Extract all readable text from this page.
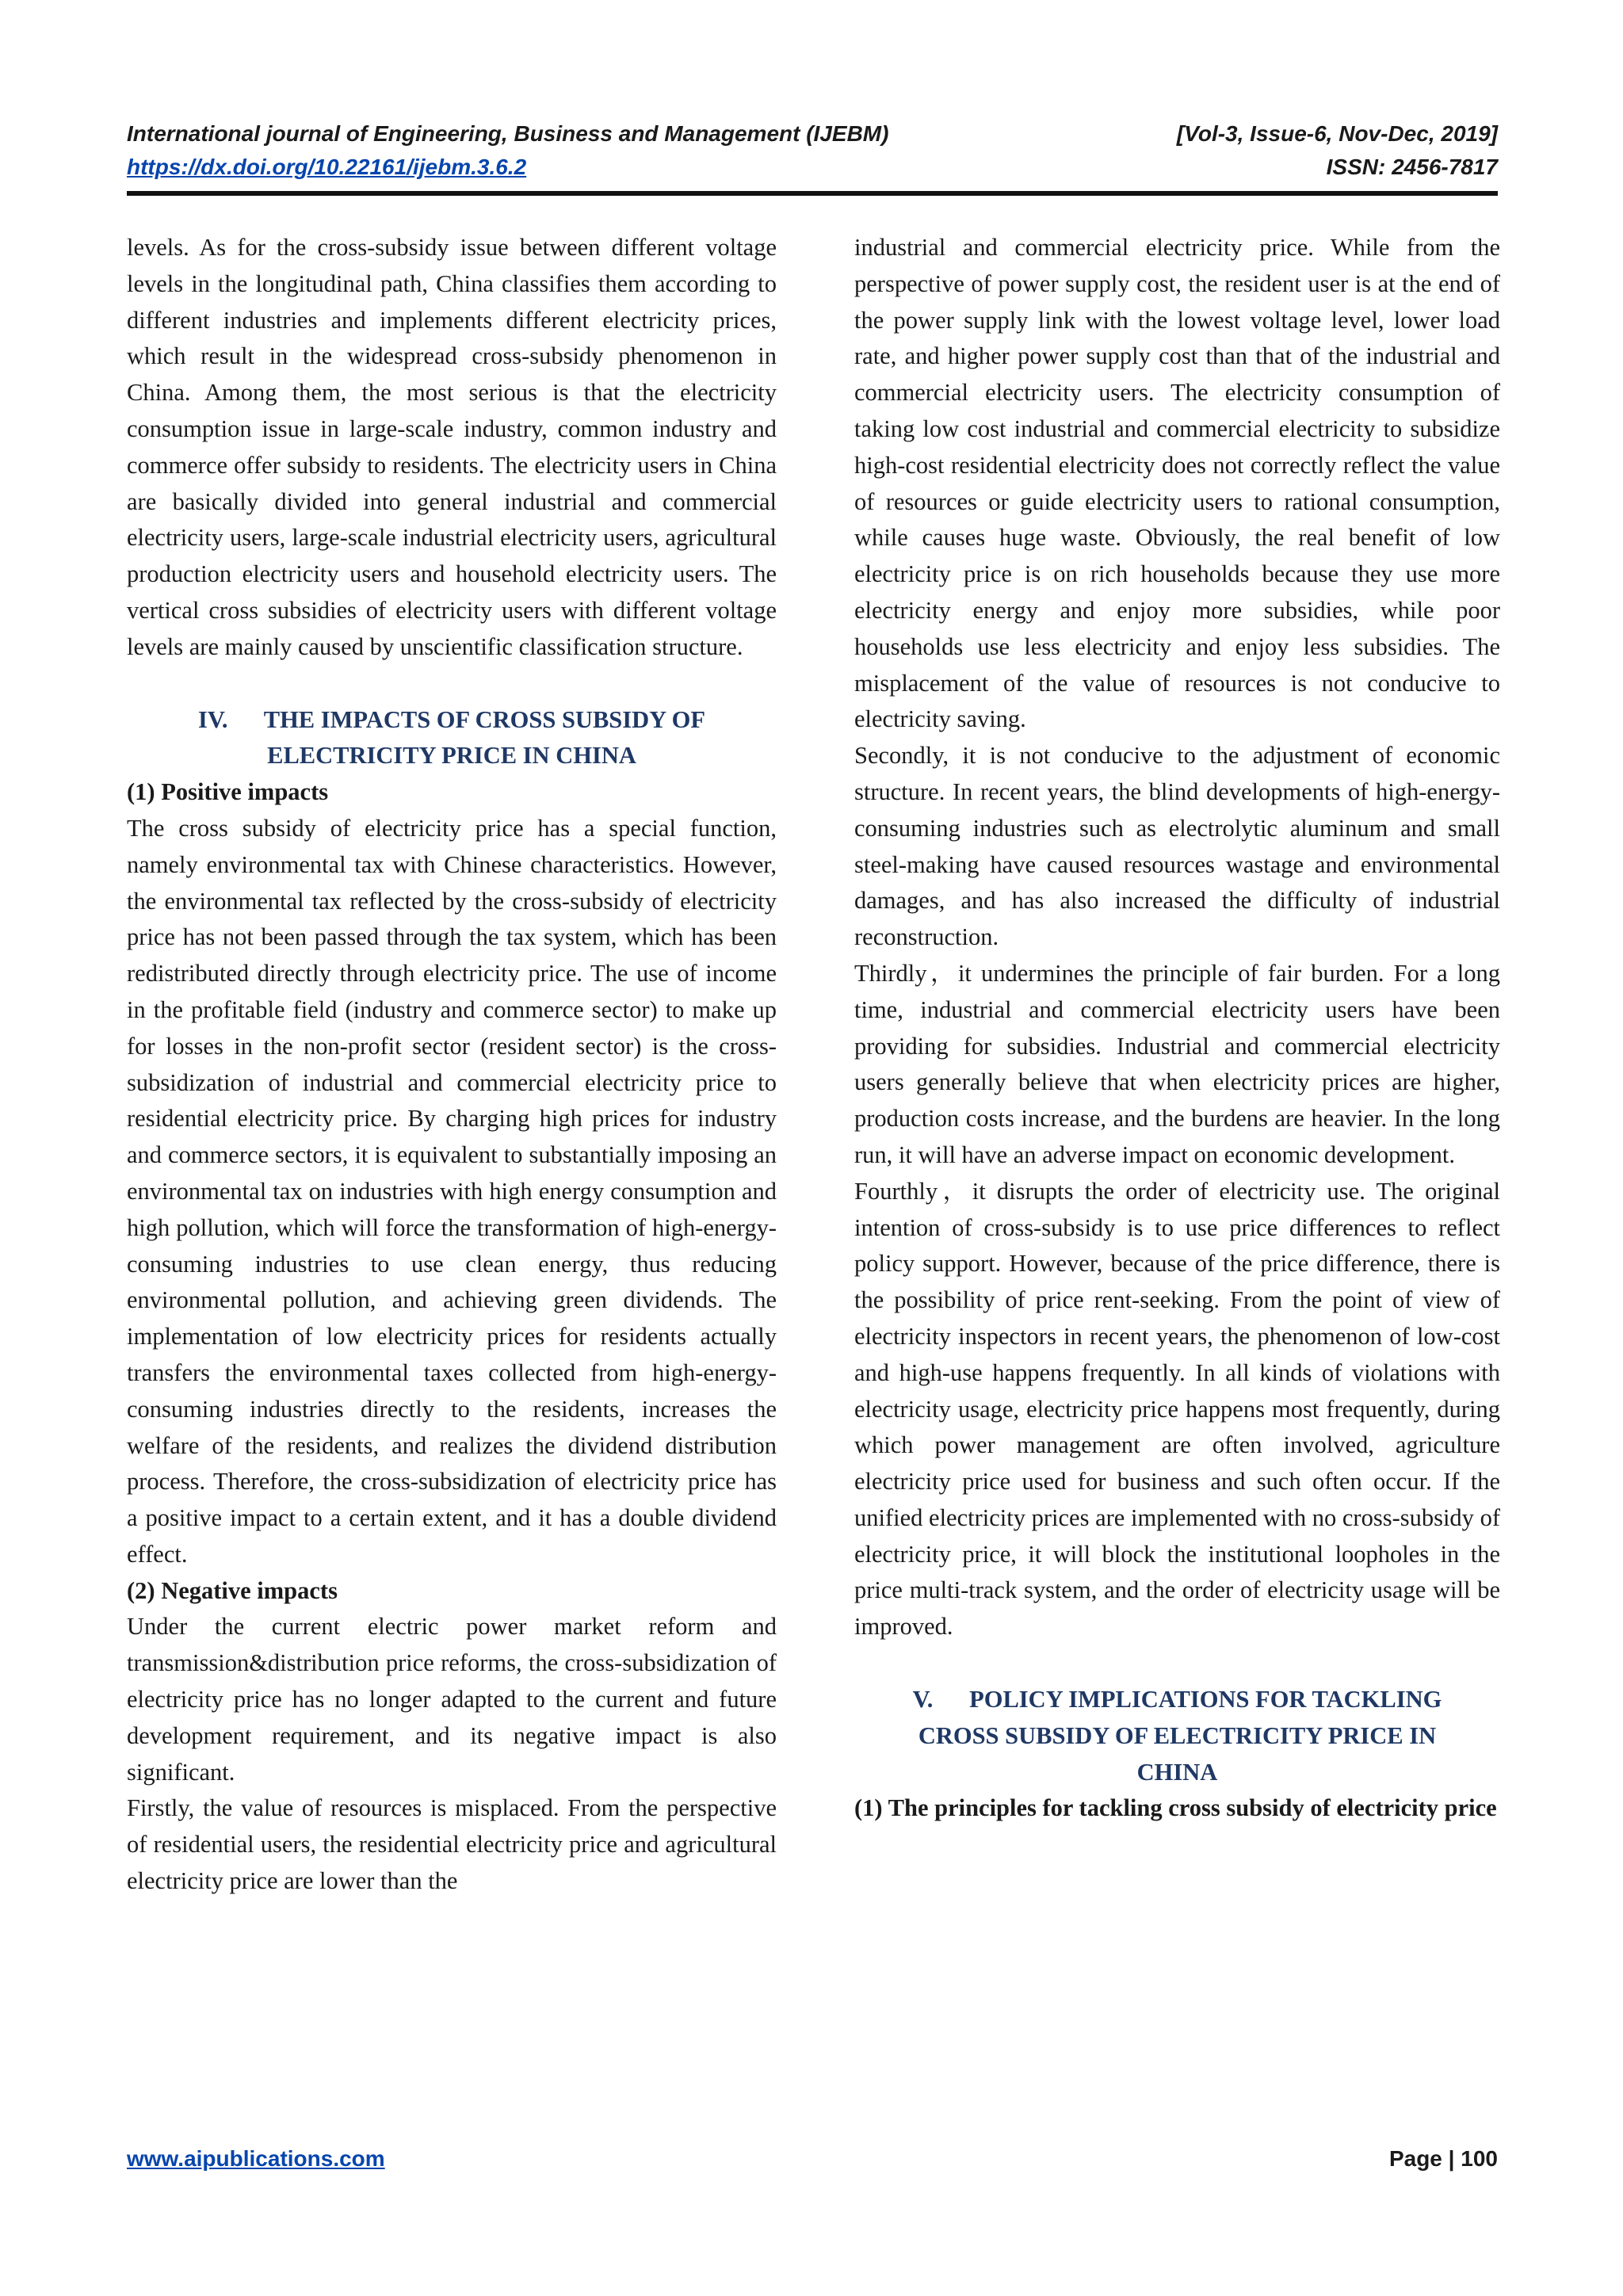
International journal of Engineering, Business and Management (IJEBM)	[Vol-3, Issue-6, Nov-Dec, 2019]
https://dx.doi.org/10.22161/ijebm.3.6.2	ISSN: 2456-7817

levels. As for the cross-subsidy issue between different voltage levels in the longitudinal path, China classifies them according to different industries and implements different electricity prices, which result in the widespread cross-subsidy phenomenon in China. Among them, the most serious is that the electricity consumption issue in large-scale industry, common industry and commerce offer subsidy to residents. The electricity users in China are basically divided into general industrial and commercial electricity users, large-scale industrial electricity users, agricultural production electricity users and household electricity users. The vertical cross subsidies of electricity users with different voltage levels are mainly caused by unscientific classification structure.

IV.      THE IMPACTS OF CROSS SUBSIDY OF
ELECTRICITY PRICE IN CHINA

(1) Positive impacts

The cross subsidy of electricity price has a special function, namely environmental tax with Chinese characteristics. However, the environmental tax reflected by the cross-subsidy of electricity price has not been passed through the tax system, which has been redistributed directly through electricity price. The use of income in the profitable field (industry and commerce sector) to make up for losses in the non-profit sector (resident sector) is the cross-subsidization of industrial and commercial electricity price to residential electricity price. By charging high prices for industry and commerce sectors, it is equivalent to substantially imposing an environmental tax on industries with high energy consumption and high pollution, which will force the transformation of high-energy-consuming industries to use clean energy, thus reducing environmental pollution, and achieving green dividends. The implementation of low electricity prices for residents actually transfers the environmental taxes collected from high-energy-consuming industries directly to the residents, increases the welfare of the residents, and realizes the dividend distribution process. Therefore, the cross-subsidization of electricity price has a positive impact to a certain extent, and it has a double dividend effect.

(2) Negative impacts

Under the current electric power market reform and transmission&distribution price reforms, the cross-subsidization of electricity price has no longer adapted to the current and future development requirement, and its negative impact is also significant.

Firstly, the value of resources is misplaced. From the perspective of residential users, the residential electricity price and agricultural electricity price are lower than the

industrial and commercial electricity price. While from the perspective of power supply cost, the resident user is at the end of the power supply link with the lowest voltage level, lower load rate, and higher power supply cost than that of the industrial and commercial electricity users. The electricity consumption of taking low cost industrial and commercial electricity to subsidize high-cost residential electricity does not correctly reflect the value of resources or guide electricity users to rational consumption, while causes huge waste. Obviously, the real benefit of low electricity price is on rich households because they use more electricity energy and enjoy more subsidies, while poor households use less electricity and enjoy less subsidies. The misplacement of the value of resources is not conducive to electricity saving.

Secondly, it is not conducive to the adjustment of economic structure. In recent years, the blind developments of high-energy-consuming industries such as electrolytic aluminum and small steel-making have caused resources wastage and environmental damages, and has also increased the difficulty of industrial reconstruction.

Thirdly，it undermines the principle of fair burden. For a long time, industrial and commercial electricity users have been providing for subsidies. Industrial and commercial electricity users generally believe that when electricity prices are higher, production costs increase, and the burdens are heavier. In the long run, it will have an adverse impact on economic development.

Fourthly，it disrupts the order of electricity use. The original intention of cross-subsidy is to use price differences to reflect policy support. However, because of the price difference, there is the possibility of price rent-seeking. From the point of view of electricity inspectors in recent years, the phenomenon of low-cost and high-use happens frequently. In all kinds of violations with electricity usage, electricity price happens most frequently, during which power management are often involved, agriculture electricity price used for business and such often occur. If the unified electricity prices are implemented with no cross-subsidy of electricity price, it will block the institutional loopholes in the price multi-track system, and the order of electricity usage will be improved.

V.      POLICY IMPLICATIONS FOR TACKLING
CROSS SUBSIDY OF ELECTRICITY PRICE IN
CHINA

(1) The principles for tackling cross subsidy of electricity price

www.aipublications.com	Page | 100
